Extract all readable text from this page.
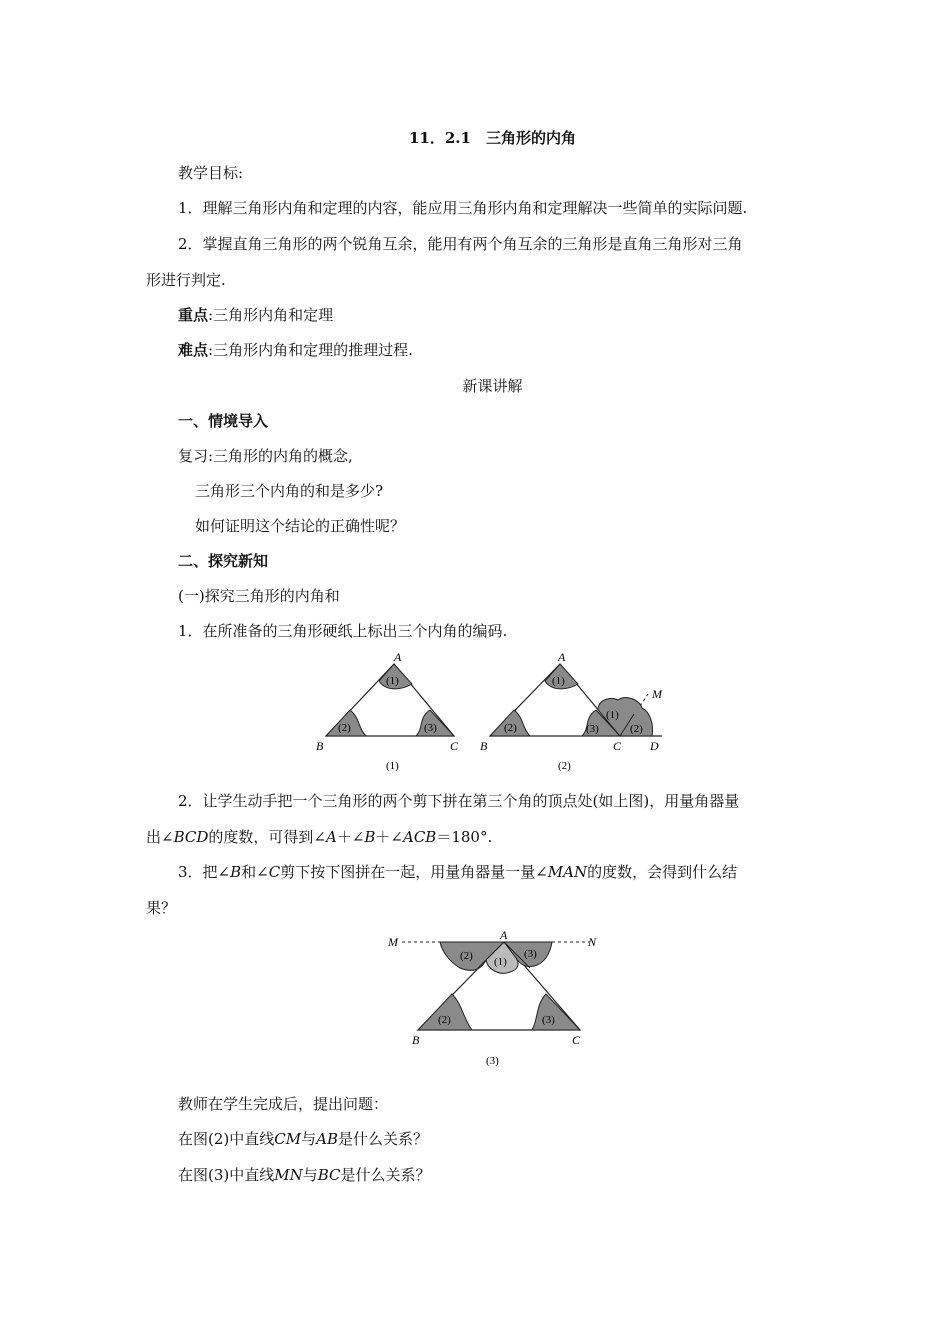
11．2.1　三角形的内角
教学目标:
1．理解三角形内角和定理的内容，能应用三角形内角和定理解决一些简单的实际问题.
2．掌握直角三角形的两个锐角互余，能用有两个角互余的三角形是直角三角形对三角
形进行判定.
重点:三角形内角和定理
难点:三角形内角和定理的推理过程.
新课讲解
一、情境导入
复习:三角形的内角的概念,
三角形三个内角的和是多少?
如何证明这个结论的正确性呢？
二、探究新知
(一)探究三角形的内角和
1．在所准备的三角形硬纸上标出三个内角的编码.
A
(1)
(2)	(3)
B	C
(1)
A
M
(1)
(1)
(3)	(2)
(2)
B	C D
(2)
2．让学生动手把一个三角形的两个剪下拼在第三个角的顶点处(如上图)，用量角器量
出∠BCD的度数，可得到∠A＋∠B＋∠ACB＝180°.
3．把∠B和∠C剪下按下图拼在一起，用量角器量一量∠MAN的度数，会得到什么结
果？
M	A	N
(2) (1)
(3)
(2)	(3)
B	C
(3)
教师在学生完成后，提出问题：
在图(2)中直线CM与AB是什么关系？
在图(3)中直线MN与BC是什么关系？
